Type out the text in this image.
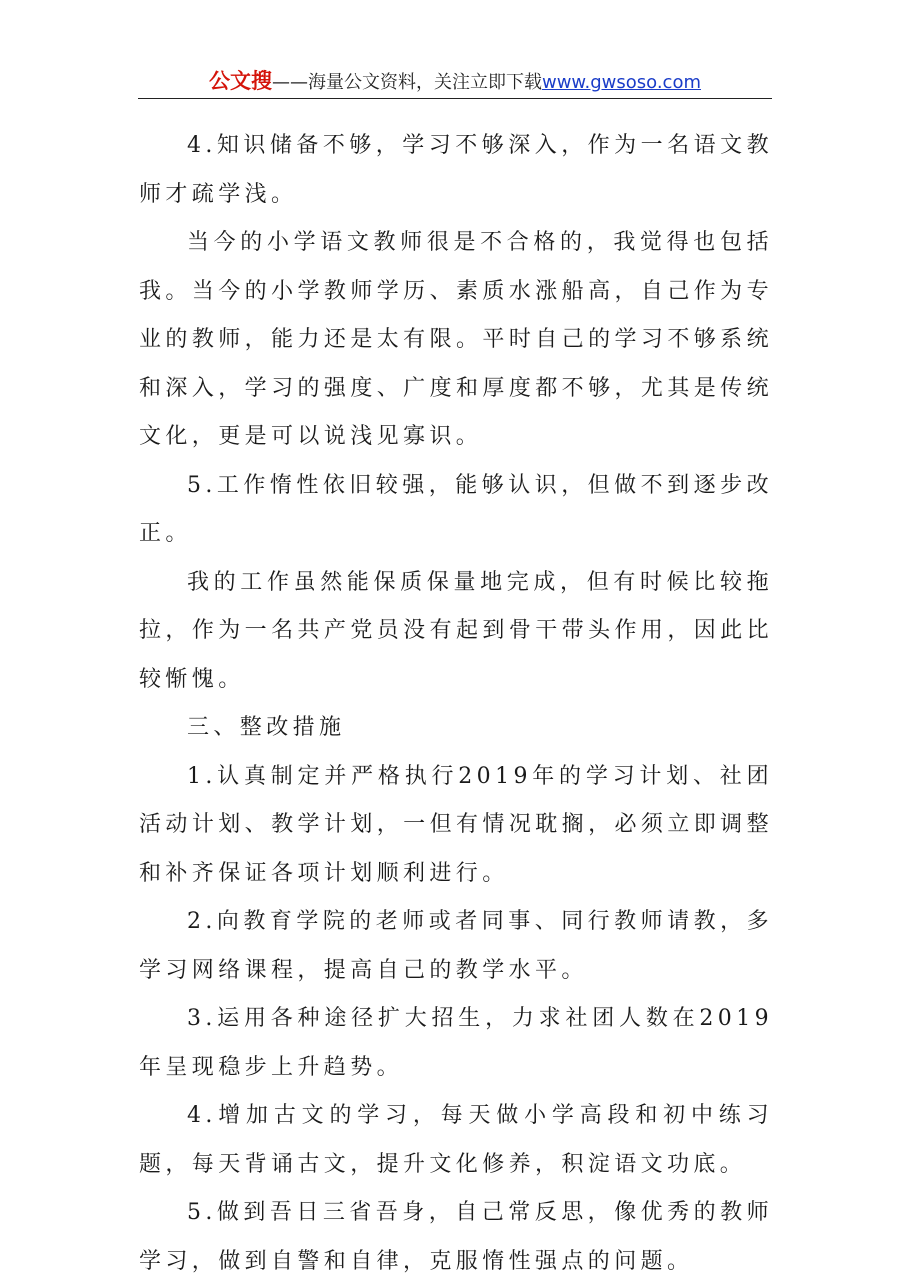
公文搜——海量公文资料，关注立即下载www.gwsoso.com

4.知识储备不够，学习不够深入，作为一名语文教师才疏学浅。

当今的小学语文教师很是不合格的，我觉得也包括我。当今的小学教师学历、素质水涨船高，自己作为专业的教师，能力还是太有限。平时自己的学习不够系统和深入，学习的强度、广度和厚度都不够，尤其是传统文化，更是可以说浅见寡识。

5.工作惰性依旧较强，能够认识，但做不到逐步改正。

我的工作虽然能保质保量地完成，但有时候比较拖拉，作为一名共产党员没有起到骨干带头作用，因此比较惭愧。

三、整改措施

1.认真制定并严格执行2019年的学习计划、社团活动计划、教学计划，一但有情况耽搁，必须立即调整和补齐保证各项计划顺利进行。

2.向教育学院的老师或者同事、同行教师请教，多学习网络课程，提高自己的教学水平。

3.运用各种途径扩大招生，力求社团人数在2019年呈现稳步上升趋势。

4.增加古文的学习，每天做小学高段和初中练习题，每天背诵古文，提升文化修养，积淀语文功底。

5.做到吾日三省吾身，自己常反思，像优秀的教师学习，做到自警和自律，克服惰性强点的问题。
